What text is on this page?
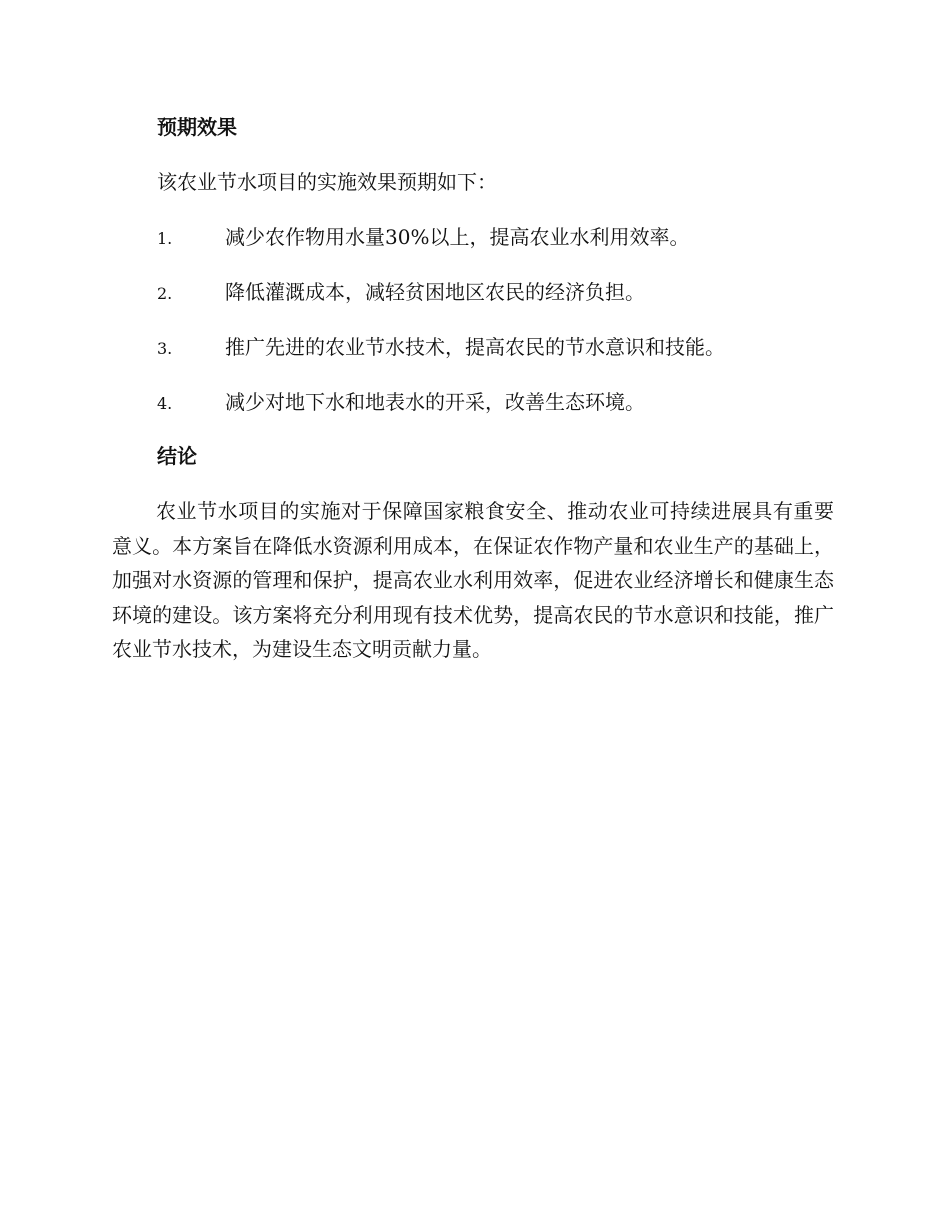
预期效果

该农业节水项目的实施效果预期如下：

1.	减少农作物用水量30%以上，提高农业水利用效率。
2.	降低灌溉成本，减轻贫困地区农民的经济负担。
3.	推广先进的农业节水技术，提高农民的节水意识和技能。
4.	减少对地下水和地表水的开采，改善生态环境。
结论

农业节水项目的实施对于保障国家粮食安全、推动农业可持续进展具有重要意义。本方案旨在降低水资源利用成本，在保证农作物产量和农业生产的基础上，加强对水资源的管理和保护，提高农业水利用效率，促进农业经济增长和健康生态环境的建设。该方案将充分利用现有技术优势，提高农民的节水意识和技能，推广农业节水技术，为建设生态文明贡献力量。
